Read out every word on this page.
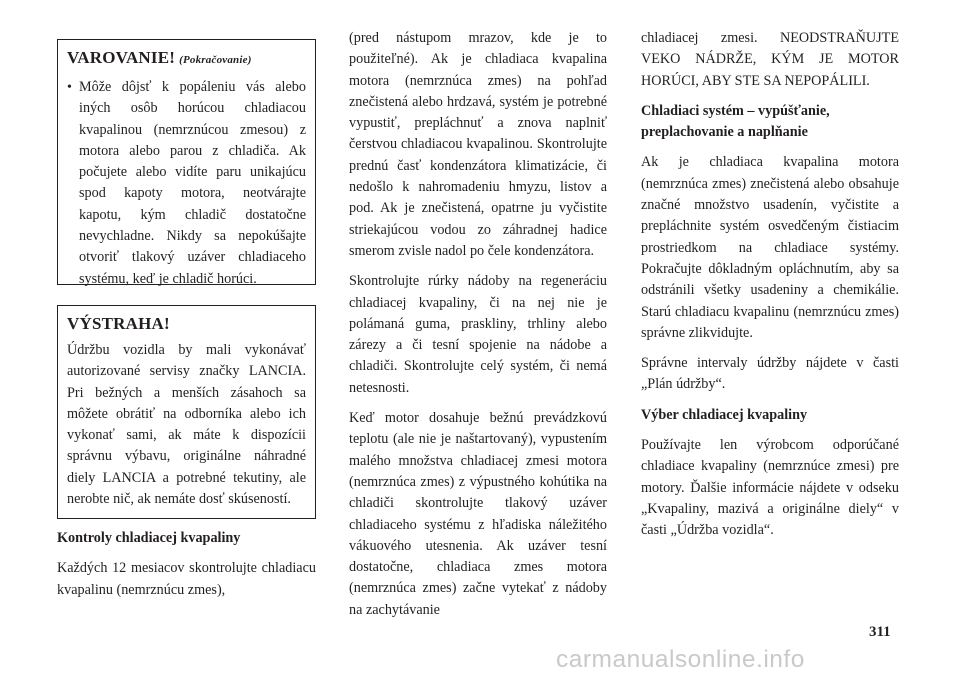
VAROVANIE! (Pokračovanie)

• Môže dôjsť k popáleniu vás alebo iných osôb horúcou chladiacou kvapalinou (nemrznúcou zmesou) z motora alebo parou z chladiča. Ak počujete alebo vidíte paru unikajúcu spod kapoty motora, neotvárajte kapotu, kým chladič dostatočne nevychladne. Nikdy sa nepokúšajte otvoriť tlakový uzáver chladiaceho systému, keď je chladič horúci.

VÝSTRAHA!

Údržbu vozidla by mali vykonávať autorizované servisy značky LANCIA. Pri bežných a menších zásahoch sa môžete obrátiť na odborníka alebo ich vykonať sami, ak máte k dispozícii správnu výbavu, originálne náhradné diely LANCIA a potrebné tekutiny, ale nerobte nič, ak nemáte dosť skúseností.

Kontroly chladiacej kvapaliny

Každých 12 mesiacov skontrolujte chladiacu kvapalinu (nemrznúcu zmes),

(pred nástupom mrazov, kde je to použiteľné). Ak je chladiaca kvapalina motora (nemrznúca zmes) na pohľad znečistená alebo hrdzavá, systém je potrebné vypustiť, prepláchnuť a znova naplniť čerstvou chladiacou kvapalinou. Skontrolujte prednú časť kondenzátora klimatizácie, či nedošlo k nahromadeniu hmyzu, listov a pod. Ak je znečistená, opatrne ju vyčistite striekajúcou vodou zo záhradnej hadice smerom zvisle nadol po čele kondenzátora.

Skontrolujte rúrky nádoby na regeneráciu chladiacej kvapaliny, či na nej nie je polámaná guma, praskliny, trhliny alebo zárezy a či tesní spojenie na nádobe a chladiči. Skontrolujte celý systém, či nemá netesnosti.

Keď motor dosahuje bežnú prevádzkovú teplotu (ale nie je naštartovaný), vypustením malého množstva chladiacej zmesi motora (nemrznúca zmes) z výpustného kohútika na chladiči skontrolujte tlakový uzáver chladiaceho systému z hľadiska náležitého vákuového utesnenia. Ak uzáver tesní dostatočne, chladiaca zmes motora (nemrznúca zmes) začne vytekať z nádoby na zachytávanie

chladiacej zmesi. NEODSTRAŇUJTE VEKO NÁDRŽE, KÝM JE MOTOR HORÚCI, ABY STE SA NEPOPÁLILI.

Chladiaci systém – vypúšťanie, preplachovanie a naplňanie

Ak je chladiaca kvapalina motora (nemrznúca zmes) znečistená alebo obsahuje značné množstvo usadenín, vyčistite a prepláchnite systém osvedčeným čistiacim prostriedkom na chladiace systémy. Pokračujte dôkladným opláchnutím, aby sa odstránili všetky usadeniny a chemikálie. Starú chladiacu kvapalinu (nemrznúcu zmes) správne zlikvidujte.

Správne intervaly údržby nájdete v časti „Plán údržby“.

Výber chladiacej kvapaliny

Používajte len výrobcom odporúčané chladiace kvapaliny (nemrznúce zmesi) pre motory. Ďalšie informácie nájdete v odseku „Kvapaliny, mazivá a originálne diely“ v časti „Údržba vozidla“.

311
carmanualsonline.info
